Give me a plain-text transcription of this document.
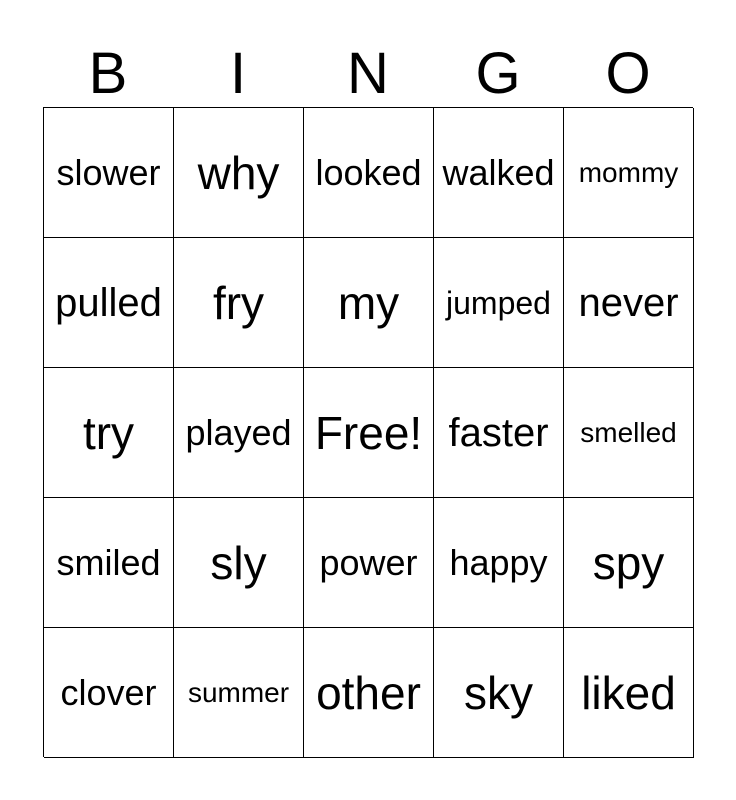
B	I	N	G	O
slower why looked walked mommy
pulled fry my jumped never
try played Free! faster smelled
smiled sly power happy spy
clover summer other sky liked
